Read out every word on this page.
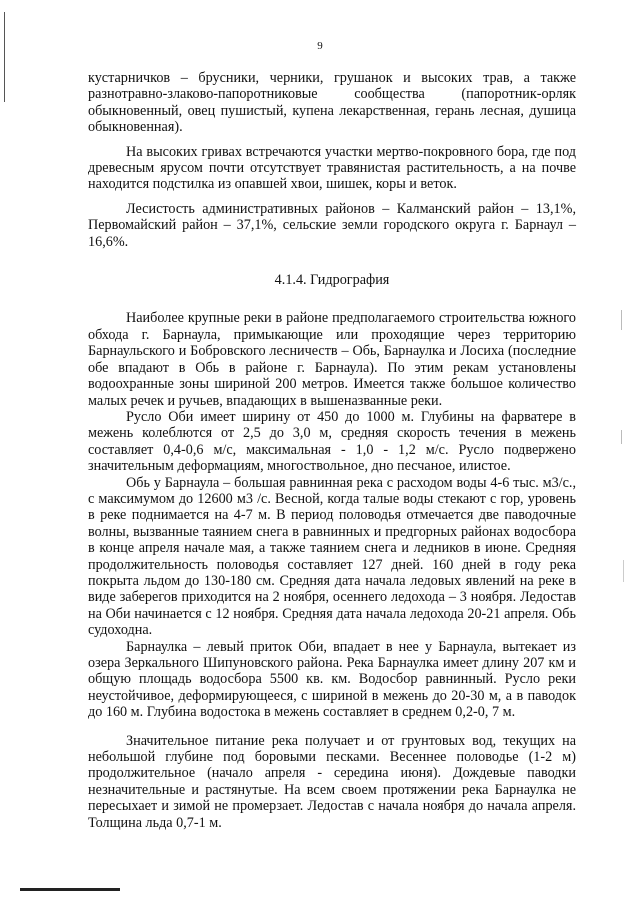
9

кустарничков – брусники, черники, грушанок и высоких трав, а также разнотравно-злаково-папоротниковые сообщества (папоротник-орляк обыкновенный, овец пушистый, купена лекарственная, герань лесная, душица обыкновенная).

На высоких гривах встречаются участки мертво-покровного бора, где под древесным ярусом почти отсутствует травянистая растительность, а на почве находится подстилка из опавшей хвои, шишек, коры и веток.

Лесистость административных районов – Калманский район – 13,1%, Первомайский район – 37,1%, сельские земли городского округа г. Барнаул – 16,6%.

4.1.4. Гидрография

Наиболее крупные реки в районе предполагаемого строительства южного обхода г. Барнаула, примыкающие или проходящие через территорию Барнаульского и Бобровского лесничеств – Обь, Барнаулка и Лосиха (последние обе впадают в Обь в районе г. Барнаула). По этим рекам установлены водоохранные зоны шириной 200 метров. Имеется также большое количество малых речек и ручьев, впадающих в вышеназванные реки.

Русло Оби имеет ширину от 450 до 1000 м. Глубины на фарватере в межень колеблются от 2,5 до 3,0 м, средняя скорость течения в межень составляет 0,4-0,6 м/с, максимальная - 1,0 - 1,2 м/с. Русло подвержено значительным деформациям, многоствольное, дно песчаное, илистое.

Обь у Барнаула – большая равнинная река с расходом воды 4-6 тыс. м3/с., с максимумом до 12600 м3 /с. Весной, когда талые воды стекают с гор, уровень в реке поднимается на 4-7 м. В период половодья отмечается две паводочные волны, вызванные таянием снега в равнинных и предгорных районах водосбора в конце апреля начале мая, а также таянием снега и ледников в июне. Средняя продолжительность половодья составляет 127 дней. 160 дней в году река покрыта льдом до 130-180 см. Средняя дата начала ледовых явлений на реке в виде заберегов приходится на 2 ноября, осеннего ледохода – 3 ноября. Ледостав на Оби начинается с 12 ноября. Средняя дата начала ледохода 20-21 апреля. Обь судоходна.

Барнаулка – левый приток Оби, впадает в нее у Барнаула, вытекает из озера Зеркального Шипуновского района. Река Барнаулка имеет длину 207 км и общую площадь водосбора 5500 кв. км. Водосбор равнинный. Русло реки неустойчивое, деформирующееся, с шириной в межень до 20-30 м, а в паводок до 160 м. Глубина водостока в межень составляет в среднем 0,2-0, 7 м.

Значительное питание река получает и от грунтовых вод, текущих на небольшой глубине под боровыми песками. Весеннее половодье (1-2 м) продолжительное (начало апреля - середина июня). Дождевые паводки незначительные и растянутые. На всем своем протяжении река Барнаулка не пересыхает и зимой не промерзает. Ледостав с начала ноября до начала апреля. Толщина льда 0,7-1 м.
